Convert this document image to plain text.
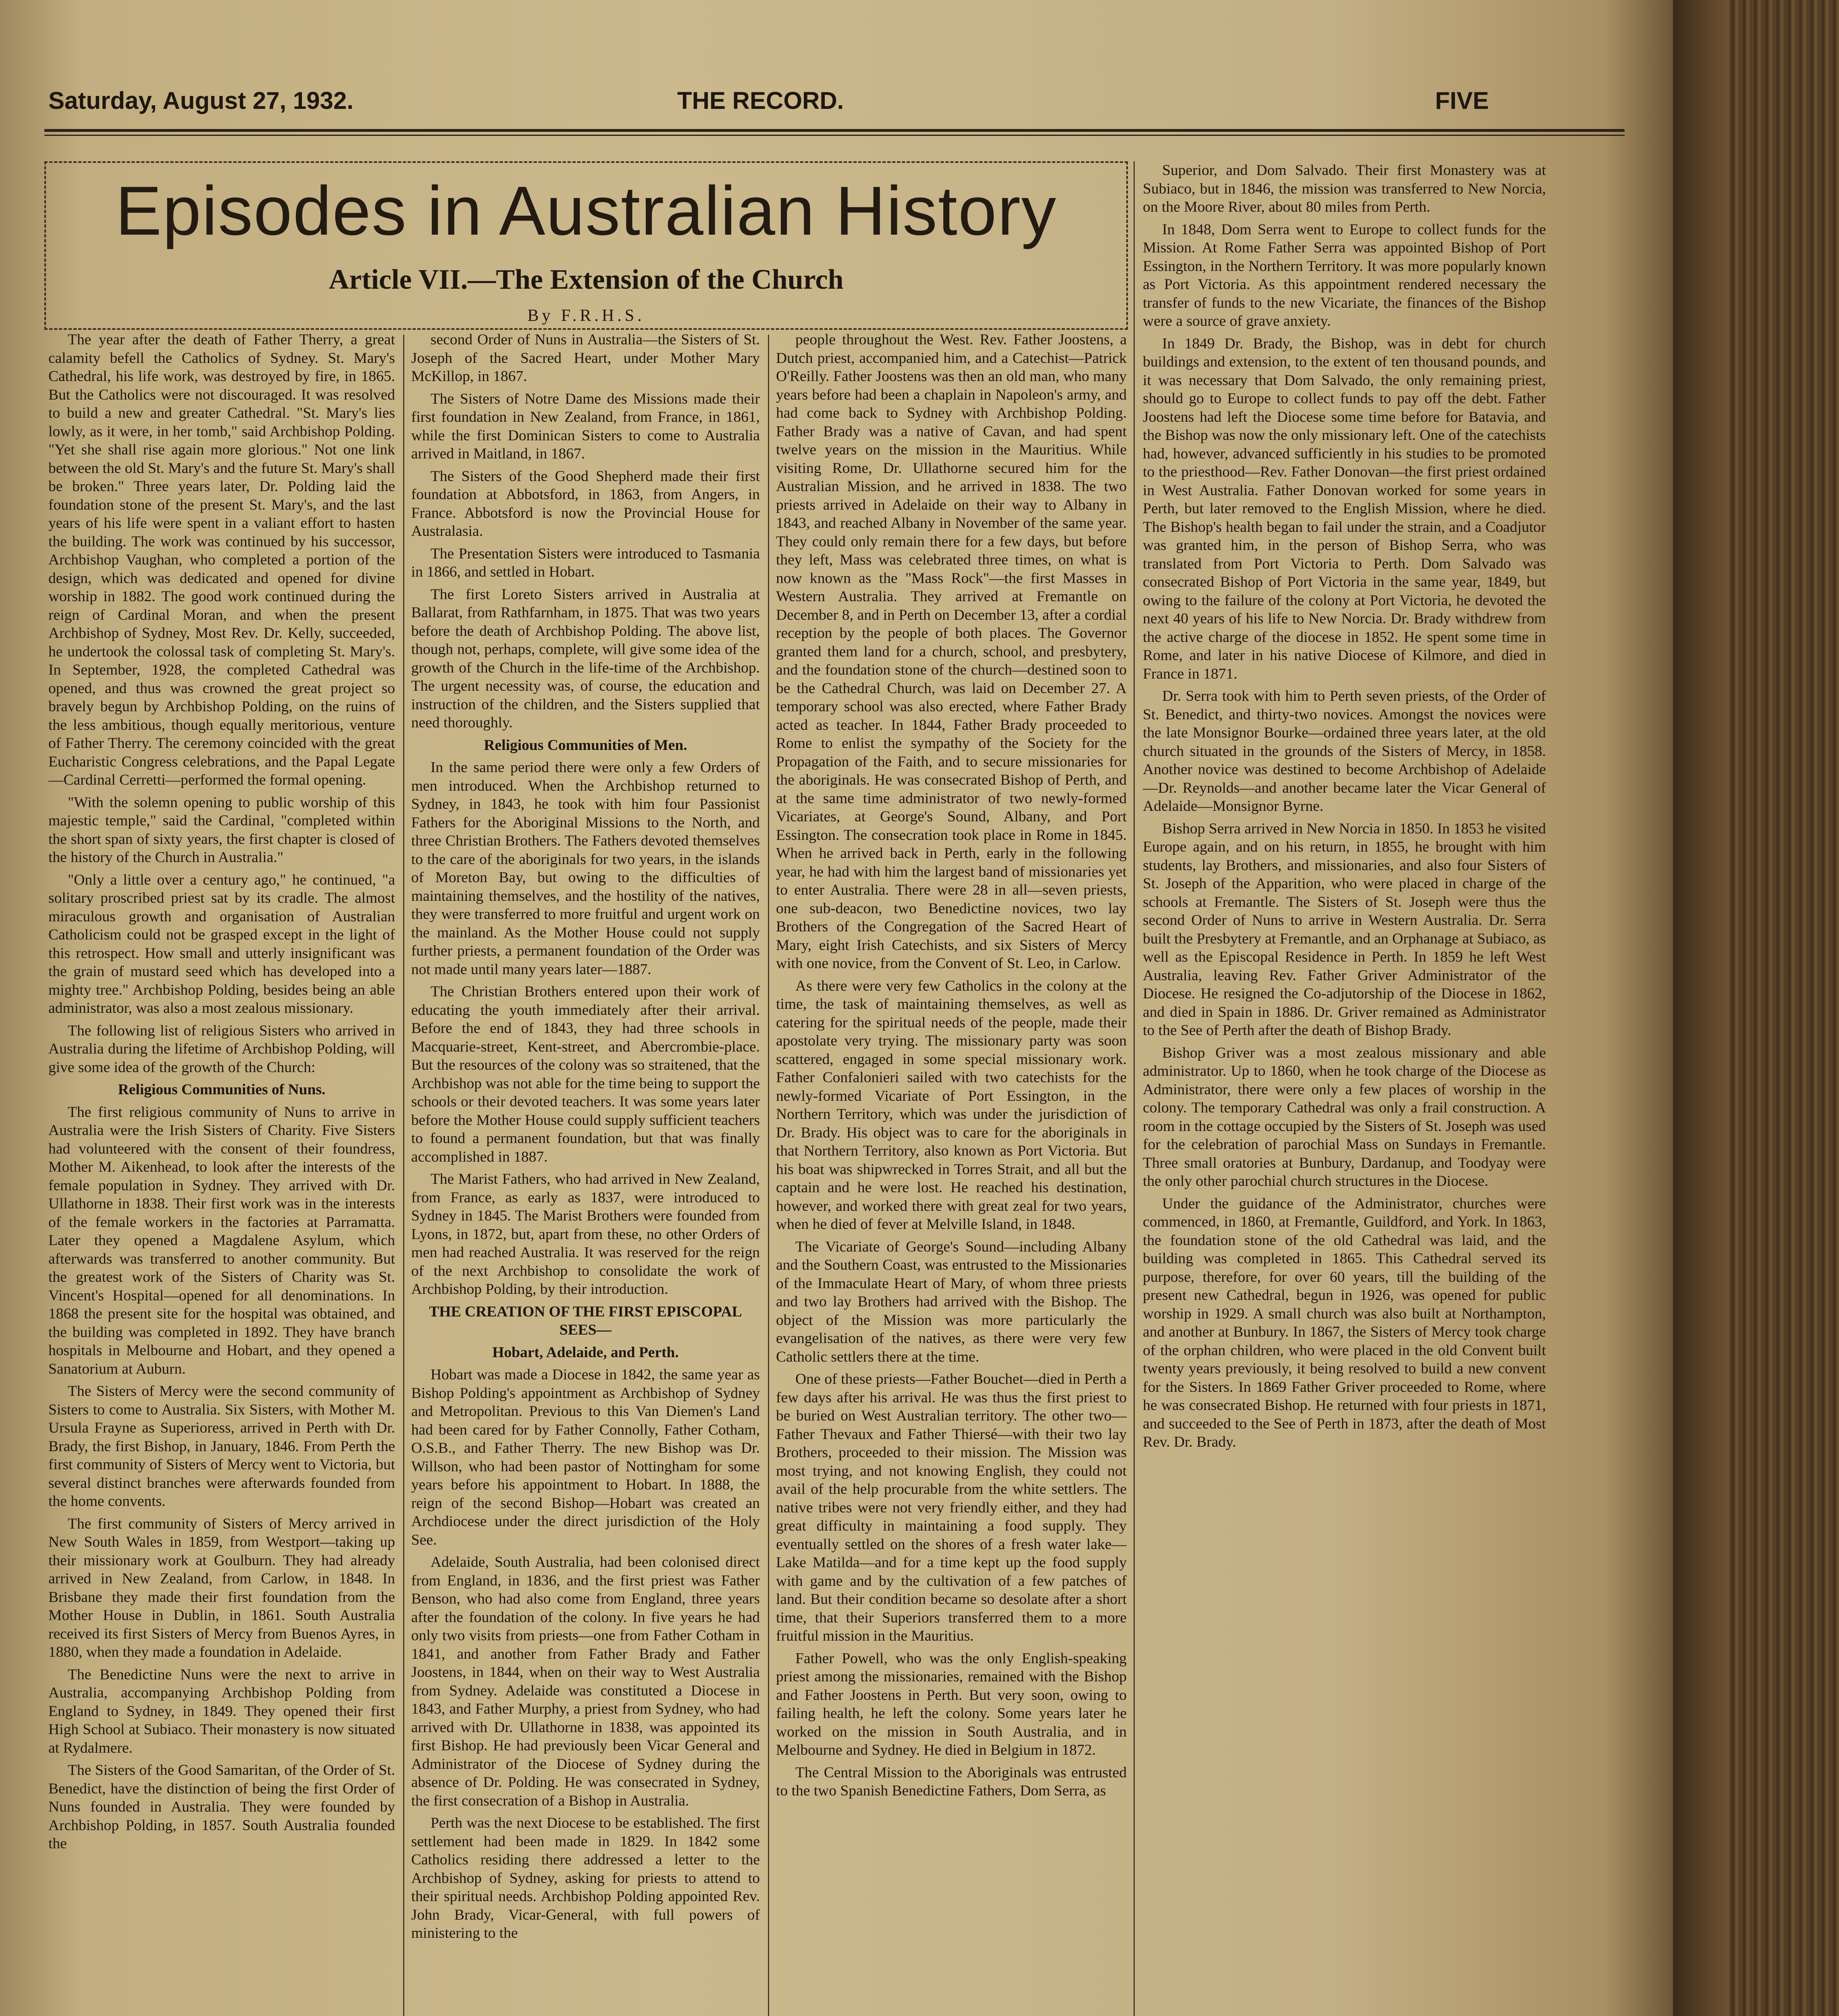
Saturday, August 27, 1932.	THE RECORD.	FIVE
Episodes in Australian History
Article VII.—The Extension of the Church
By F.R.H.S.

The year after the death of Father Therry, a great calamity befell the Catholics of Sydney. St. Mary's Cathedral, his life work, was destroyed by fire, in 1865. But the Catholics were not discouraged. It was resolved to build a new and greater Cathedral. "St. Mary's lies lowly, as it were, in her tomb," said Archbishop Polding. "Yet she shall rise again more glorious." Not one link between the old St. Mary's and the future St. Mary's shall be broken." Three years later, Dr. Polding laid the foundation stone of the present St. Mary's, and the last years of his life were spent in a valiant effort to hasten the building. The work was continued by his successor, Archbishop Vaughan, who completed a portion of the design, which was dedicated and opened for divine worship in 1882. The good work continued during the reign of Cardinal Moran, and when the present Archbishop of Sydney, Most Rev. Dr. Kelly, succeeded, he undertook the colossal task of completing St. Mary's. In September, 1928, the completed Cathedral was opened, and thus was crowned the great project so bravely begun by Archbishop Polding, on the ruins of the less ambitious, though equally meritorious, venture of Father Therry. The ceremony coincided with the great Eucharistic Congress celebrations, and the Papal Legate—Cardinal Cerretti—performed the formal opening.

"With the solemn opening to public worship of this majestic temple," said the Cardinal, "completed within the short span of sixty years, the first chapter is closed of the history of the Church in Australia."

"Only a little over a century ago," he continued, "a solitary proscribed priest sat by its cradle. The almost miraculous growth and organisation of Australian Catholicism could not be grasped except in the light of this retrospect. How small and utterly insignificant was the grain of mustard seed which has developed into a mighty tree." Archbishop Polding, besides being an able administrator, was also a most zealous missionary.

The following list of religious Sisters who arrived in Australia during the lifetime of Archbishop Polding, will give some idea of the growth of the Church:

Religious Communities of Nuns.

The first religious community of Nuns to arrive in Australia were the Irish Sisters of Charity. Five Sisters had volunteered with the consent of their foundress, Mother M. Aikenhead, to look after the interests of the female population in Sydney. They arrived with Dr. Ullathorne in 1838. Their first work was in the interests of the female workers in the factories at Parramatta. Later they opened a Magdalene Asylum, which afterwards was transferred to another community. But the greatest work of the Sisters of Charity was St. Vincent's Hospital—opened for all denominations. In 1868 the present site for the hospital was obtained, and the building was completed in 1892. They have branch hospitals in Melbourne and Hobart, and they opened a Sanatorium at Auburn.

The Sisters of Mercy were the second community of Sisters to come to Australia. Six Sisters, with Mother M. Ursula Frayne as Superioress, arrived in Perth with Dr. Brady, the first Bishop, in January, 1846. From Perth the first community of Sisters of Mercy went to Victoria, but several distinct branches were afterwards founded from the home convents.

The first community of Sisters of Mercy arrived in New South Wales in 1859, from Westport—taking up their missionary work at Goulburn. They had already arrived in New Zealand, from Carlow, in 1848. In Brisbane they made their first foundation from the Mother House in Dublin, in 1861. South Australia received its first Sisters of Mercy from Buenos Ayres, in 1880, when they made a foundation in Adelaide.

The Benedictine Nuns were the next to arrive in Australia, accompanying Archbishop Polding from England to Sydney, in 1849. They opened their first High School at Subiaco. Their monastery is now situated at Rydalmere.

The Sisters of the Good Samaritan, of the Order of St. Benedict, have the distinction of being the first Order of Nuns founded in Australia. They were founded by Archbishop Polding, in 1857. South Australia founded the

second Order of Nuns in Australia—the Sisters of St. Joseph of the Sacred Heart, under Mother Mary McKillop, in 1867.

The Sisters of Notre Dame des Missions made their first foundation in New Zealand, from France, in 1861, while the first Dominican Sisters to come to Australia arrived in Maitland, in 1867.

The Sisters of the Good Shepherd made their first foundation at Abbotsford, in 1863, from Angers, in France. Abbotsford is now the Provincial House for Australasia.

The Presentation Sisters were introduced to Tasmania in 1866, and settled in Hobart.

The first Loreto Sisters arrived in Australia at Ballarat, from Rathfarnham, in 1875. That was two years before the death of Archbishop Polding. The above list, though not, perhaps, complete, will give some idea of the growth of the Church in the life-time of the Archbishop. The urgent necessity was, of course, the education and instruction of the children, and the Sisters supplied that need thoroughly.

Religious Communities of Men.

In the same period there were only a few Orders of men introduced. When the Archbishop returned to Sydney, in 1843, he took with him four Passionist Fathers for the Aboriginal Missions to the North, and three Christian Brothers. The Fathers devoted themselves to the care of the aboriginals for two years, in the islands of Moreton Bay, but owing to the difficulties of maintaining themselves, and the hostility of the natives, they were transferred to more fruitful and urgent work on the mainland. As the Mother House could not supply further priests, a permanent foundation of the Order was not made until many years later—1887.

The Christian Brothers entered upon their work of educating the youth immediately after their arrival. Before the end of 1843, they had three schools in Macquarie-street, Kent-street, and Abercrombie-place. But the resources of the colony was so straitened, that the Archbishop was not able for the time being to support the schools or their devoted teachers. It was some years later before the Mother House could supply sufficient teachers to found a permanent foundation, but that was finally accomplished in 1887.

The Marist Fathers, who had arrived in New Zealand, from France, as early as 1837, were introduced to Sydney in 1845. The Marist Brothers were founded from Lyons, in 1872, but, apart from these, no other Orders of men had reached Australia. It was reserved for the reign of the next Archbishop to consolidate the work of Archbishop Polding, by their introduction.

THE CREATION OF THE FIRST EPISCOPAL SEES—

Hobart, Adelaide, and Perth.

Hobart was made a Diocese in 1842, the same year as Bishop Polding's appointment as Archbishop of Sydney and Metropolitan. Previous to this Van Diemen's Land had been cared for by Father Connolly, Father Cotham, O.S.B., and Father Therry. The new Bishop was Dr. Willson, who had been pastor of Nottingham for some years before his appointment to Hobart. In 1888, the reign of the second Bishop—Hobart was created an Archdiocese under the direct jurisdiction of the Holy See.

Adelaide, South Australia, had been colonised direct from England, in 1836, and the first priest was Father Benson, who had also come from England, three years after the foundation of the colony. In five years he had only two visits from priests—one from Father Cotham in 1841, and another from Father Brady and Father Joostens, in 1844, when on their way to West Australia from Sydney. Adelaide was constituted a Diocese in 1843, and Father Murphy, a priest from Sydney, who had arrived with Dr. Ullathorne in 1838, was appointed its first Bishop. He had previously been Vicar General and Administrator of the Diocese of Sydney during the absence of Dr. Polding. He was consecrated in Sydney, the first consecration of a Bishop in Australia.

Perth was the next Diocese to be established. The first settlement had been made in 1829. In 1842 some Catholics residing there addressed a letter to the Archbishop of Sydney, asking for priests to attend to their spiritual needs. Archbishop Polding appointed Rev. John Brady, Vicar-General, with full powers of ministering to the

people throughout the West. Rev. Father Joostens, a Dutch priest, accompanied him, and a Catechist—Patrick O'Reilly. Father Joostens was then an old man, who many years before had been a chaplain in Napoleon's army, and had come back to Sydney with Archbishop Polding. Father Brady was a native of Cavan, and had spent twelve years on the mission in the Mauritius. While visiting Rome, Dr. Ullathorne secured him for the Australian Mission, and he arrived in 1838. The two priests arrived in Adelaide on their way to Albany in 1843, and reached Albany in November of the same year. They could only remain there for a few days, but before they left, Mass was celebrated three times, on what is now known as the "Mass Rock"—the first Masses in Western Australia. They arrived at Fremantle on December 8, and in Perth on December 13, after a cordial reception by the people of both places. The Governor granted them land for a church, school, and presbytery, and the foundation stone of the church—destined soon to be the Cathedral Church, was laid on December 27. A temporary school was also erected, where Father Brady acted as teacher. In 1844, Father Brady proceeded to Rome to enlist the sympathy of the Society for the Propagation of the Faith, and to secure missionaries for the aboriginals. He was consecrated Bishop of Perth, and at the same time administrator of two newly-formed Vicariates, at George's Sound, Albany, and Port Essington. The consecration took place in Rome in 1845. When he arrived back in Perth, early in the following year, he had with him the largest band of missionaries yet to enter Australia. There were 28 in all—seven priests, one sub-deacon, two Benedictine novices, two lay Brothers of the Congregation of the Sacred Heart of Mary, eight Irish Catechists, and six Sisters of Mercy with one novice, from the Convent of St. Leo, in Carlow.

As there were very few Catholics in the colony at the time, the task of maintaining themselves, as well as catering for the spiritual needs of the people, made their apostolate very trying. The missionary party was soon scattered, engaged in some special missionary work. Father Confalonieri sailed with two catechists for the newly-formed Vicariate of Port Essington, in the Northern Territory, which was under the jurisdiction of Dr. Brady. His object was to care for the aboriginals in that Northern Territory, also known as Port Victoria. But his boat was shipwrecked in Torres Strait, and all but the captain and he were lost. He reached his destination, however, and worked there with great zeal for two years, when he died of fever at Melville Island, in 1848.

The Vicariate of George's Sound—including Albany and the Southern Coast, was entrusted to the Missionaries of the Immaculate Heart of Mary, of whom three priests and two lay Brothers had arrived with the Bishop. The object of the Mission was more particularly the evangelisation of the natives, as there were very few Catholic settlers there at the time.

One of these priests—Father Bouchet—died in Perth a few days after his arrival. He was thus the first priest to be buried on West Australian territory. The other two—Father Thevaux and Father Thiersé—with their two lay Brothers, proceeded to their mission. The Mission was most trying, and not knowing English, they could not avail of the help procurable from the white settlers. The native tribes were not very friendly either, and they had great difficulty in maintaining a food supply. They eventually settled on the shores of a fresh water lake—Lake Matilda—and for a time kept up the food supply with game and by the cultivation of a few patches of land. But their condition became so desolate after a short time, that their Superiors transferred them to a more fruitful mission in the Mauritius.

Father Powell, who was the only English-speaking priest among the missionaries, remained with the Bishop and Father Joostens in Perth. But very soon, owing to failing health, he left the colony. Some years later he worked on the mission in South Australia, and in Melbourne and Sydney. He died in Belgium in 1872.

The Central Mission to the Aboriginals was entrusted to the two Spanish Benedictine Fathers, Dom Serra, as

Superior, and Dom Salvado. Their first Monastery was at Subiaco, but in 1846, the mission was transferred to New Norcia, on the Moore River, about 80 miles from Perth.

In 1848, Dom Serra went to Europe to collect funds for the Mission. At Rome Father Serra was appointed Bishop of Port Essington, in the Northern Territory. It was more popularly known as Port Victoria. As this appointment rendered necessary the transfer of funds to the new Vicariate, the finances of the Bishop were a source of grave anxiety.

In 1849 Dr. Brady, the Bishop, was in debt for church buildings and extension, to the extent of ten thousand pounds, and it was necessary that Dom Salvado, the only remaining priest, should go to Europe to collect funds to pay off the debt. Father Joostens had left the Diocese some time before for Batavia, and the Bishop was now the only missionary left. One of the catechists had, however, advanced sufficiently in his studies to be promoted to the priesthood—Rev. Father Donovan—the first priest ordained in West Australia. Father Donovan worked for some years in Perth, but later removed to the English Mission, where he died. The Bishop's health began to fail under the strain, and a Coadjutor was granted him, in the person of Bishop Serra, who was translated from Port Victoria to Perth. Dom Salvado was consecrated Bishop of Port Victoria in the same year, 1849, but owing to the failure of the colony at Port Victoria, he devoted the next 40 years of his life to New Norcia. Dr. Brady withdrew from the active charge of the diocese in 1852. He spent some time in Rome, and later in his native Diocese of Kilmore, and died in France in 1871.

Dr. Serra took with him to Perth seven priests, of the Order of St. Benedict, and thirty-two novices. Amongst the novices were the late Monsignor Bourke—ordained three years later, at the old church situated in the grounds of the Sisters of Mercy, in 1858. Another novice was destined to become Archbishop of Adelaide—Dr. Reynolds—and another became later the Vicar General of Adelaide—Monsignor Byrne.

Bishop Serra arrived in New Norcia in 1850. In 1853 he visited Europe again, and on his return, in 1855, he brought with him students, lay Brothers, and missionaries, and also four Sisters of St. Joseph of the Apparition, who were placed in charge of the schools at Fremantle. The Sisters of St. Joseph were thus the second Order of Nuns to arrive in Western Australia. Dr. Serra built the Presbytery at Fremantle, and an Orphanage at Subiaco, as well as the Episcopal Residence in Perth. In 1859 he left West Australia, leaving Rev. Father Griver Administrator of the Diocese. He resigned the Co-adjutorship of the Diocese in 1862, and died in Spain in 1886. Dr. Griver remained as Administrator to the See of Perth after the death of Bishop Brady.

Bishop Griver was a most zealous missionary and able administrator. Up to 1860, when he took charge of the Diocese as Administrator, there were only a few places of worship in the colony. The temporary Cathedral was only a frail construction. A room in the cottage occupied by the Sisters of St. Joseph was used for the celebration of parochial Mass on Sundays in Fremantle. Three small oratories at Bunbury, Dardanup, and Toodyay were the only other parochial church structures in the Diocese.

Under the guidance of the Administrator, churches were commenced, in 1860, at Fremantle, Guildford, and York. In 1863, the foundation stone of the old Cathedral was laid, and the building was completed in 1865. This Cathedral served its purpose, therefore, for over 60 years, till the building of the present new Cathedral, begun in 1926, was opened for public worship in 1929. A small church was also built at Northampton, and another at Bunbury. In 1867, the Sisters of Mercy took charge of the orphan children, who were placed in the old Convent built twenty years previously, it being resolved to build a new convent for the Sisters. In 1869 Father Griver proceeded to Rome, where he was consecrated Bishop. He returned with four priests in 1871, and succeeded to the See of Perth in 1873, after the death of Most Rev. Dr. Brady.
